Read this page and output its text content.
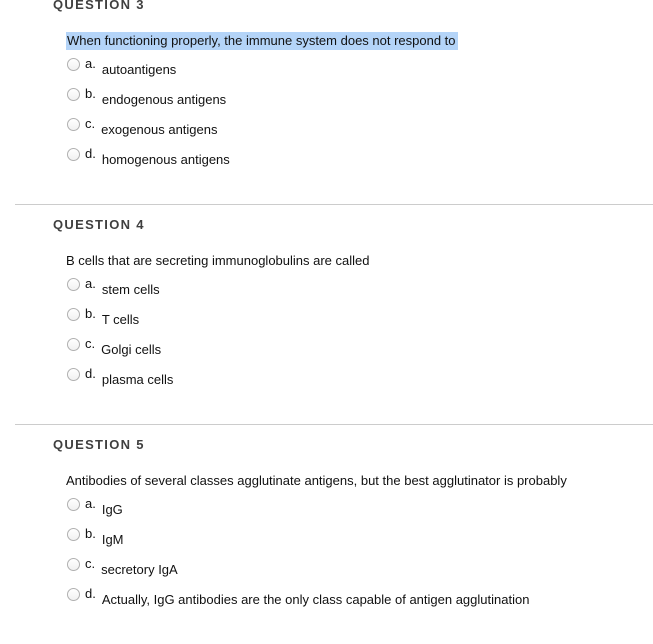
QUESTION 3

When functioning properly, the immune system does not respond to

a. autoantigens
b. endogenous antigens
c. exogenous antigens
d. homogenous antigens
QUESTION 4

B cells that are secreting immunoglobulins are called

a. stem cells
b. T cells
c. Golgi cells
d. plasma cells
QUESTION 5

Antibodies of several classes agglutinate antigens, but the best agglutinator is probably

a. IgG
b. IgM
c. secretory IgA
d. Actually, IgG antibodies are the only class capable of antigen agglutination
